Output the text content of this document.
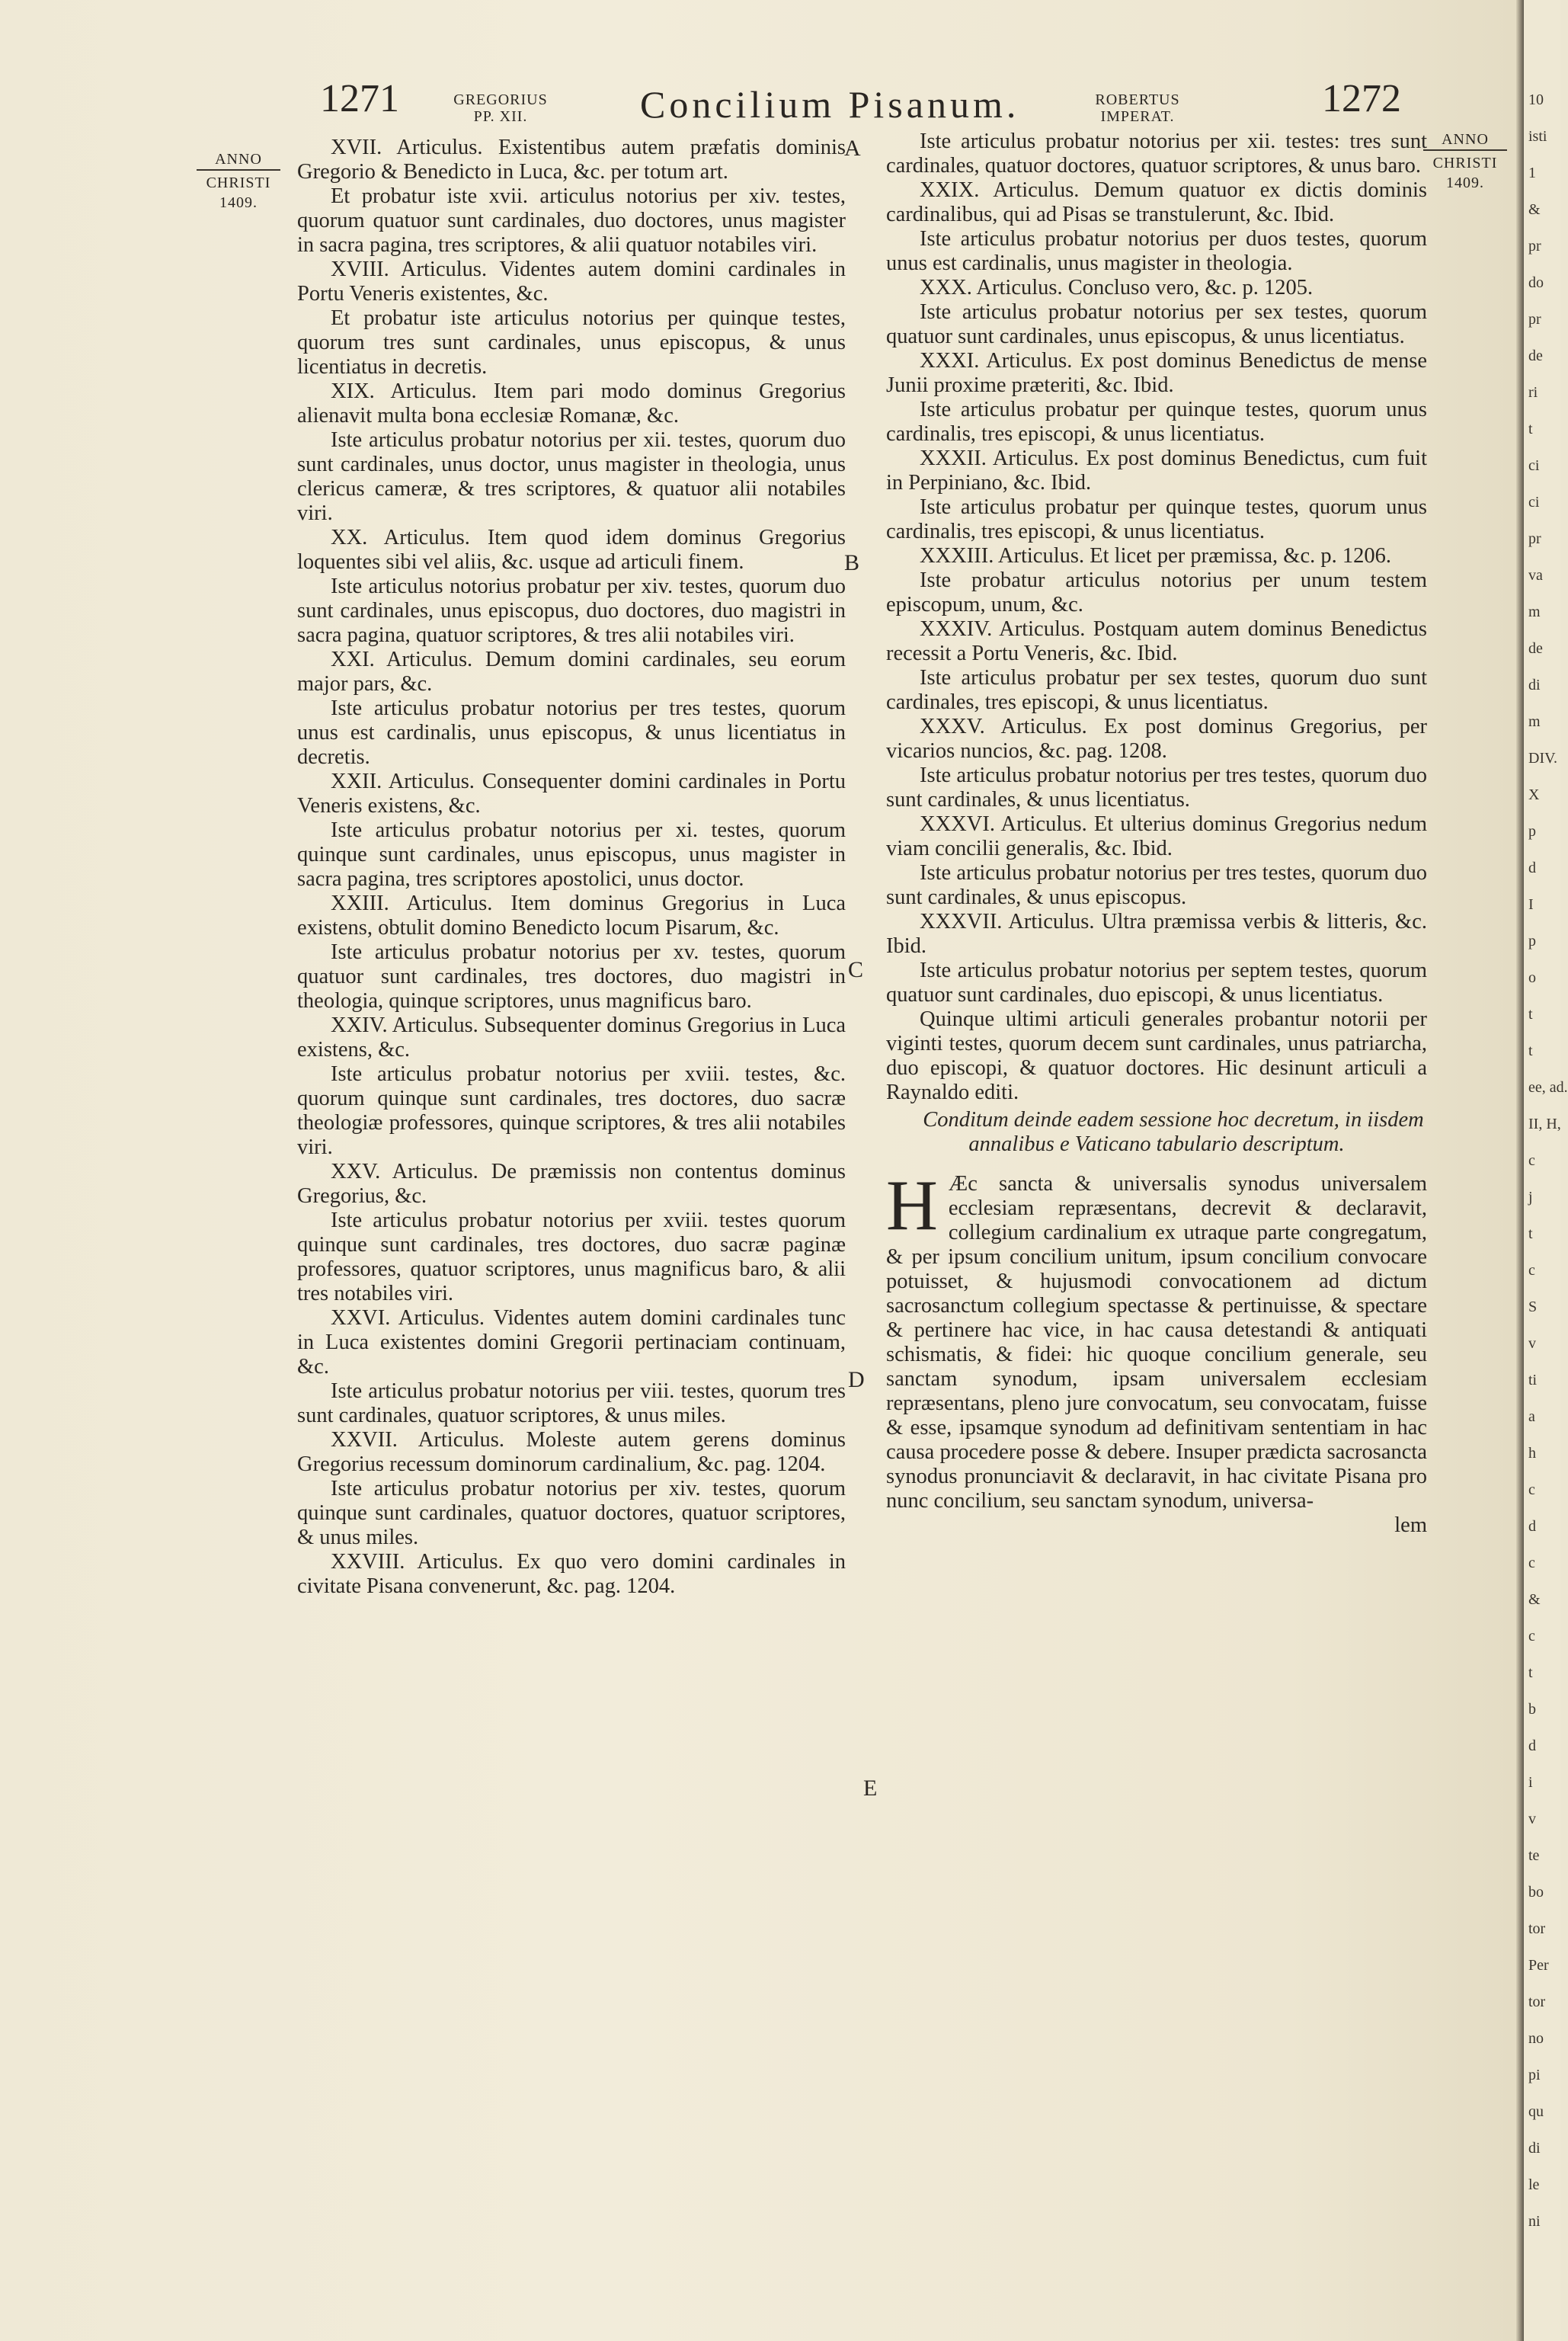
1271	GREGORIUS PP. XII.	Concilium Pisanum.	ROBERTUS IMPERAT.	1272
ANNO
CHRISTI
1409.
ANNO
CHRISTI
1409.
A
B
C
D
E

XVII. Articulus. Existentibus autem præfatis dominis Gregorio & Benedicto in Luca, &c. per totum art.

Et probatur iste xvii. articulus notorius per xiv. testes, quorum quatuor sunt cardinales, duo doctores, unus magister in sacra pagina, tres scriptores, & alii quatuor notabiles viri.

XVIII. Articulus. Videntes autem domini cardinales in Portu Veneris existentes, &c.

Et probatur iste articulus notorius per quinque testes, quorum tres sunt cardinales, unus episcopus, & unus licentiatus in decretis.

XIX. Articulus. Item pari modo dominus Gregorius alienavit multa bona ecclesiæ Romanæ, &c.

Iste articulus probatur notorius per xii. testes, quorum duo sunt cardinales, unus doctor, unus magister in theologia, unus clericus cameræ, & tres scriptores, & quatuor alii notabiles viri.

XX. Articulus. Item quod idem dominus Gregorius loquentes sibi vel aliis, &c. usque ad articuli finem.

Iste articulus notorius probatur per xiv. testes, quorum duo sunt cardinales, unus episcopus, duo doctores, duo magistri in sacra pagina, quatuor scriptores, & tres alii notabiles viri.

XXI. Articulus. Demum domini cardinales, seu eorum major pars, &c.

Iste articulus probatur notorius per tres testes, quorum unus est cardinalis, unus episcopus, & unus licentiatus in decretis.

XXII. Articulus. Consequenter domini cardinales in Portu Veneris existens, &c.

Iste articulus probatur notorius per xi. testes, quorum quinque sunt cardinales, unus episcopus, unus magister in sacra pagina, tres scriptores apostolici, unus doctor.

XXIII. Articulus. Item dominus Gregorius in Luca existens, obtulit domino Benedicto locum Pisarum, &c.

Iste articulus probatur notorius per xv. testes, quorum quatuor sunt cardinales, tres doctores, duo magistri in theologia, quinque scriptores, unus magnificus baro.

XXIV. Articulus. Subsequenter dominus Gregorius in Luca existens, &c.

Iste articulus probatur notorius per xviii. testes, &c. quorum quinque sunt cardinales, tres doctores, duo sacræ theologiæ professores, quinque scriptores, & tres alii notabiles viri.

XXV. Articulus. De præmissis non contentus dominus Gregorius, &c.

Iste articulus probatur notorius per xviii. testes quorum quinque sunt cardinales, tres doctores, duo sacræ paginæ professores, quatuor scriptores, unus magnificus baro, & alii tres notabiles viri.

XXVI. Articulus. Videntes autem domini cardinales tunc in Luca existentes domini Gregorii pertinaciam continuam, &c.

Iste articulus probatur notorius per viii. testes, quorum tres sunt cardinales, quatuor scriptores, & unus miles.

XXVII. Articulus. Moleste autem gerens dominus Gregorius recessum dominorum cardinalium, &c. pag. 1204.

Iste articulus probatur notorius per xiv. testes, quorum quinque sunt cardinales, quatuor doctores, quatuor scriptores, & unus miles.

XXVIII. Articulus. Ex quo vero domini cardinales in civitate Pisana convenerunt, &c. pag. 1204.

Iste articulus probatur notorius per xii. testes: tres sunt cardinales, quatuor doctores, quatuor scriptores, & unus baro.

XXIX. Articulus. Demum quatuor ex dictis dominis cardinalibus, qui ad Pisas se transtulerunt, &c. Ibid.

Iste articulus probatur notorius per duos testes, quorum unus est cardinalis, unus magister in theologia.

XXX. Articulus. Concluso vero, &c. p. 1205.

Iste articulus probatur notorius per sex testes, quorum quatuor sunt cardinales, unus episcopus, & unus licentiatus.

XXXI. Articulus. Ex post dominus Benedictus de mense Junii proxime præteriti, &c. Ibid.

Iste articulus probatur per quinque testes, quorum unus cardinalis, tres episcopi, & unus licentiatus.

XXXII. Articulus. Ex post dominus Benedictus, cum fuit in Perpiniano, &c. Ibid.

Iste articulus probatur per quinque testes, quorum unus cardinalis, tres episcopi, & unus licentiatus.

XXXIII. Articulus. Et licet per præmissa, &c. p. 1206.

Iste probatur articulus notorius per unum testem episcopum, unum, &c.

XXXIV. Articulus. Postquam autem dominus Benedictus recessit a Portu Veneris, &c. Ibid.

Iste articulus probatur per sex testes, quorum duo sunt cardinales, tres episcopi, & unus licentiatus.

XXXV. Articulus. Ex post dominus Gregorius, per vicarios nuncios, &c. pag. 1208.

Iste articulus probatur notorius per tres testes, quorum duo sunt cardinales, & unus licentiatus.

XXXVI. Articulus. Et ulterius dominus Gregorius nedum viam concilii generalis, &c. Ibid.

Iste articulus probatur notorius per tres testes, quorum duo sunt cardinales, & unus episcopus.

XXXVII. Articulus. Ultra præmissa verbis & litteris, &c. Ibid.

Iste articulus probatur notorius per septem testes, quorum quatuor sunt cardinales, duo episcopi, & unus licentiatus.

Quinque ultimi articuli generales probantur notorii per viginti testes, quorum decem sunt cardinales, unus patriarcha, duo episcopi, & quatuor doctores. Hic desinunt articuli a Raynaldo editi.

Conditum deinde eadem sessione hoc decretum, in iisdem annalibus e Vaticano tabulario descriptum.

H Æc sancta & universalis synodus universalem ecclesiam repræsentans, decrevit & declaravit, collegium cardinalium ex utraque parte congregatum, & per ipsum concilium unitum, ipsum concilium convocare potuisset, & hujusmodi convocationem ad dictum sacrosanctum collegium spectasse & pertinuisse, & spectare & pertinere hac vice, in hac causa detestandi & antiquati schismatis, & fidei: hic quoque concilium generale, seu sanctam synodum, ipsam universalem ecclesiam repræsentans, pleno jure convocatum, seu convocatam, fuisse & esse, ipsamque synodum ad definitivam sententiam in hac causa procedere posse & debere. Insuper prædicta sacrosancta synodus pronunciavit & declaravit, in hac civitate Pisana pro nunc concilium, seu sanctam synodum, universa-

lem

10
isti
1
&
pr
do
pr
de
ri
t
ci
ci
pr
va
m
de
di
m
DIV.
X
p
d
I
p
o
t
t
ee, ad.
II, H,
c
j
t
c
S
v
ti
a
h
c
d
c
&
c
t
b
d
i
v
te
bo
tor
Per
tor
no
pi
qu
di
le
ni
